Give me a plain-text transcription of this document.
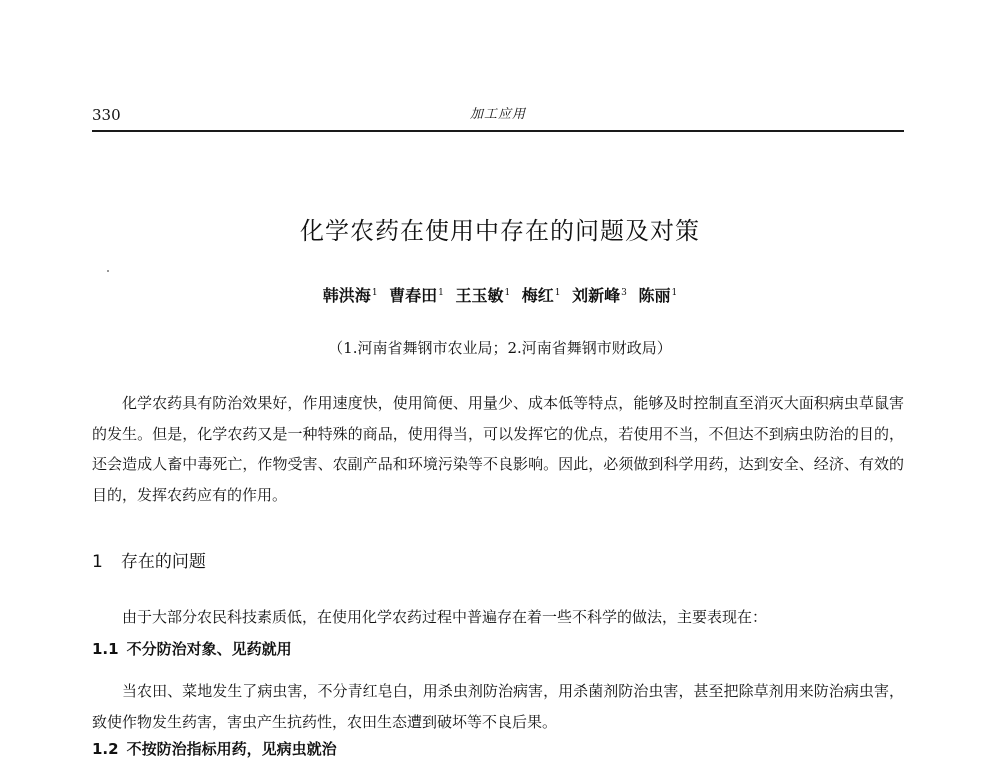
330	加工应用
化学农药在使用中存在的问题及对策
韩洪海$^1$ 曹春田$^1$ 王玉敏$^1$ 梅红$^1$ 刘新峰$^3$ 陈丽$^1$
（1.河南省舞钢市农业局；2.河南省舞钢市财政局）

化学农药具有防治效果好，作用速度快，使用简便、用量少、成本低等特点，能够及时控制直至消灭大面积病虫草鼠害的发生。但是，化学农药又是一种特殊的商品，使用得当，可以发挥它的优点，若使用不当，不但达不到病虫防治的目的，还会造成人畜中毒死亡，作物受害、农副产品和环境污染等不良影响。因此，必须做到科学用药，达到安全、经济、有效的目的，发挥农药应有的作用。

1 存在的问题

由于大部分农民科技素质低，在使用化学农药过程中普遍存在着一些不科学的做法，主要表现在：

1.1 不分防治对象、见药就用

当农田、菜地发生了病虫害，不分青红皂白，用杀虫剂防治病害，用杀菌剂防治虫害，甚至把除草剂用来防治病虫害，致使作物发生药害，害虫产生抗药性，农田生态遭到破坏等不良后果。

1.2 不按防治指标用药，见病虫就治
